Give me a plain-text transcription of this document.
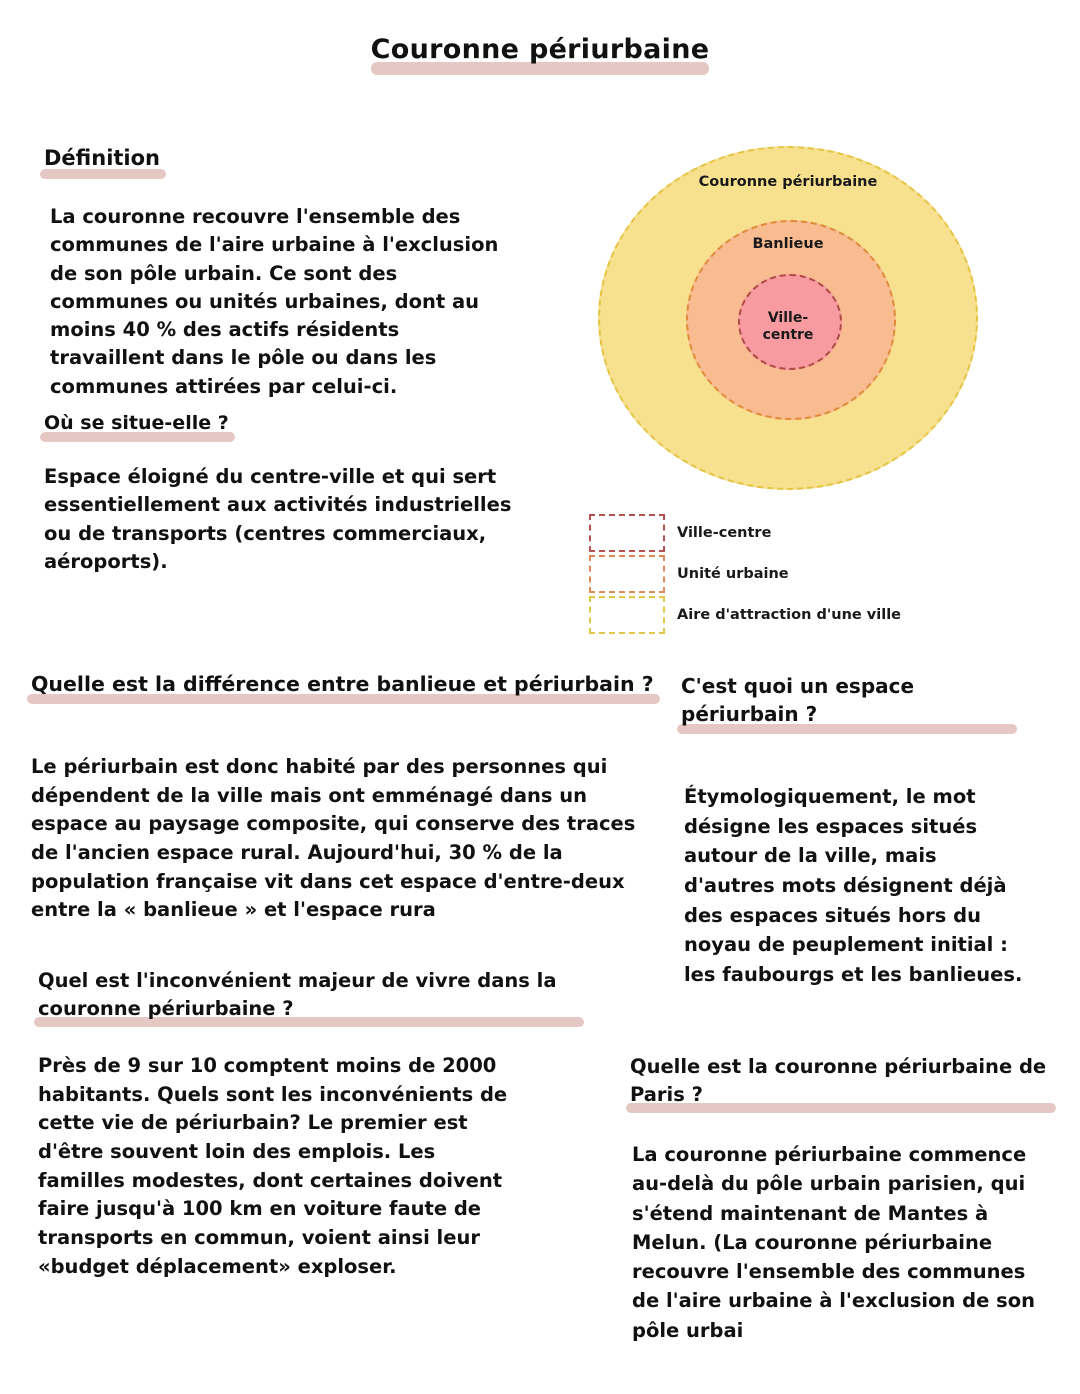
Couronne périurbaine
Définition
La couronne recouvre l'ensemble des communes de l'aire urbaine à l'exclusion de son pôle urbain. Ce sont des communes ou unités urbaines, dont au moins 40 % des actifs résidents travaillent dans le pôle ou dans les communes attirées par celui-ci.
Où se situe-elle ?
Espace éloigné du centre-ville et qui sert essentiellement aux activités industrielles ou de transports (centres commerciaux, aéroports).
Quelle est la différence entre banlieue et périurbain ?
Le périurbain est donc habité par des personnes qui dépendent de la ville mais ont emménagé dans un espace au paysage composite, qui conserve des traces de l'ancien espace rural. Aujourd'hui, 30 % de la population française vit dans cet espace d'entre-deux entre la « banlieue » et l'espace rura
Quel est l'inconvénient majeur de vivre dans la couronne périurbaine ?
Près de 9 sur 10 comptent moins de 2000 habitants. Quels sont les inconvénients de cette vie de périurbain? Le premier est d'être souvent loin des emplois. Les familles modestes, dont certaines doivent faire jusqu'à 100 km en voiture faute de transports en commun, voient ainsi leur «budget déplacement» exploser.
C'est quoi un espace périurbain ?
Étymologiquement, le mot désigne les espaces situés autour de la ville, mais d'autres mots désignent déjà des espaces situés hors du noyau de peuplement initial : les faubourgs et les banlieues.
Quelle est la couronne périurbaine de Paris ?
La couronne périurbaine commence au-delà du pôle urbain parisien, qui s'étend maintenant de Mantes à Melun. (La couronne périurbaine recouvre l'ensemble des communes de l'aire urbaine à l'exclusion de son pôle urbai
Couronne périurbaine
Banlieue
Ville-
centre
Ville-centre
Unité urbaine
Aire d'attraction d'une ville
